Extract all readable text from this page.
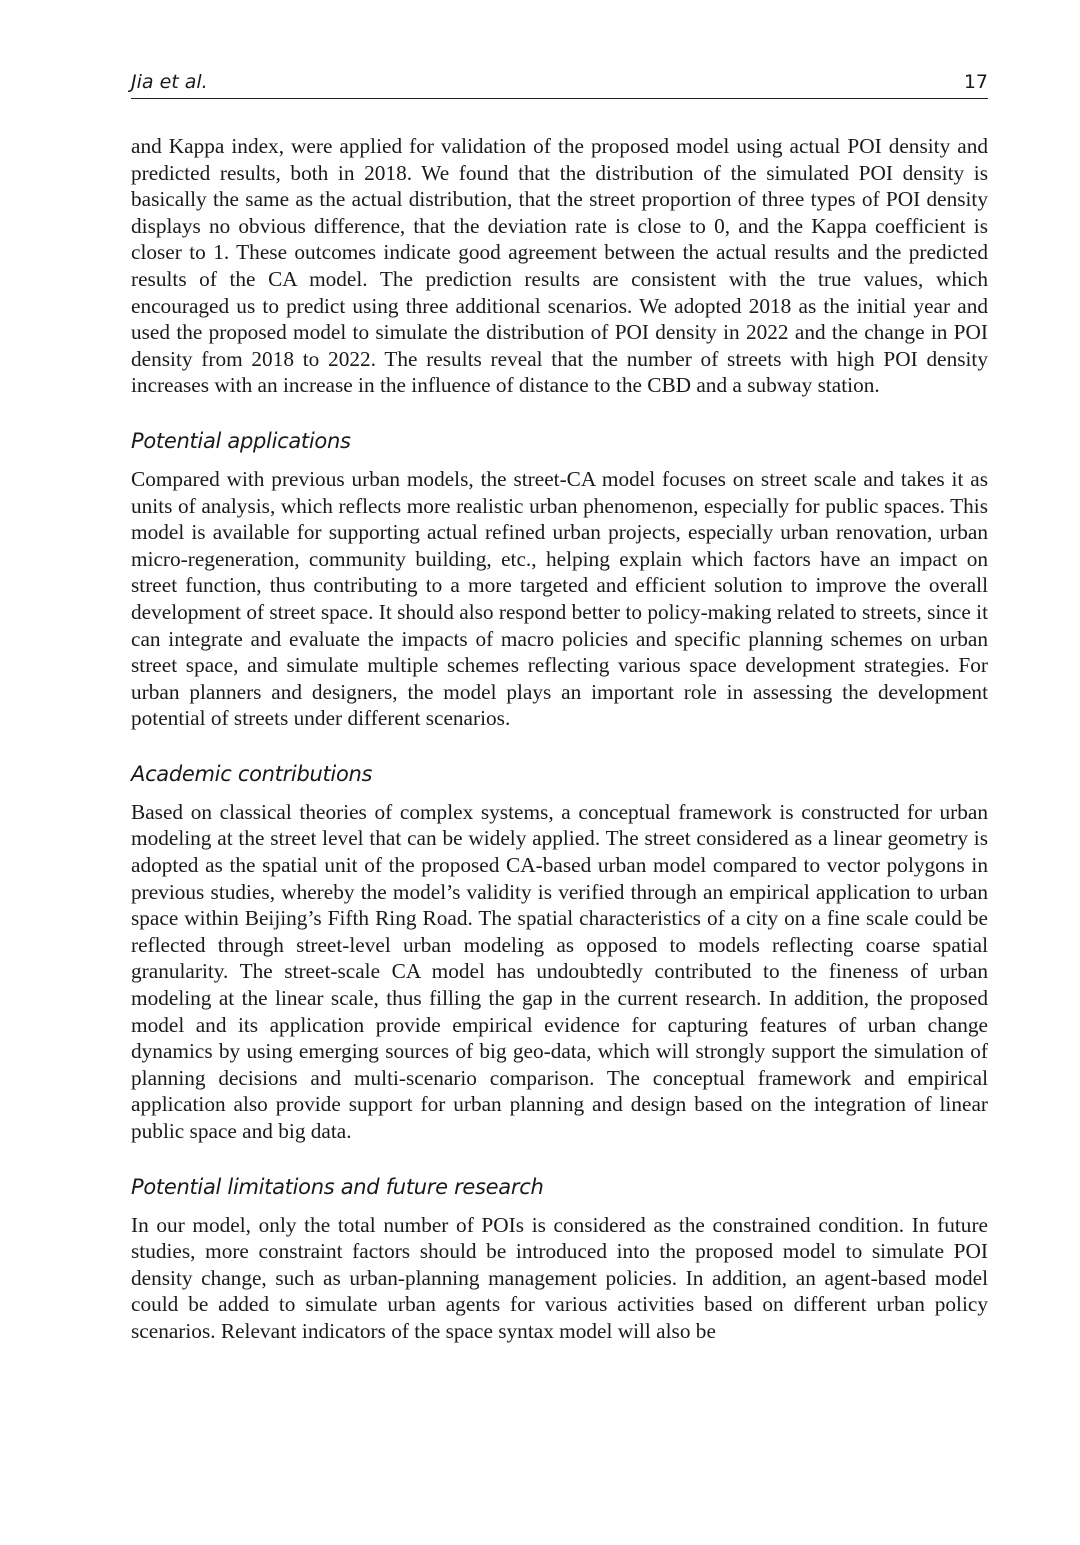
Jia et al.	17

and Kappa index, were applied for validation of the proposed model using actual POI density and predicted results, both in 2018. We found that the distribution of the simulated POI density is basically the same as the actual distribution, that the street proportion of three types of POI density displays no obvious difference, that the deviation rate is close to 0, and the Kappa coefficient is closer to 1. These outcomes indicate good agreement between the actual results and the predicted results of the CA model. The prediction results are consistent with the true values, which encouraged us to predict using three additional scenarios. We adopted 2018 as the initial year and used the proposed model to simulate the distribution of POI density in 2022 and the change in POI density from 2018 to 2022. The results reveal that the number of streets with high POI density increases with an increase in the influence of distance to the CBD and a subway station.

Potential applications

Compared with previous urban models, the street-CA model focuses on street scale and takes it as units of analysis, which reflects more realistic urban phenomenon, especially for public spaces. This model is available for supporting actual refined urban projects, especially urban renovation, urban micro-regeneration, community building, etc., helping explain which factors have an impact on street function, thus contributing to a more targeted and efficient solution to improve the overall development of street space. It should also respond better to policy-making related to streets, since it can integrate and evaluate the impacts of macro policies and specific planning schemes on urban street space, and simulate multiple schemes reflecting various space development strategies. For urban planners and designers, the model plays an important role in assessing the development potential of streets under different scenarios.

Academic contributions

Based on classical theories of complex systems, a conceptual framework is constructed for urban modeling at the street level that can be widely applied. The street considered as a linear geometry is adopted as the spatial unit of the proposed CA-based urban model compared to vector polygons in previous studies, whereby the model’s validity is verified through an empirical application to urban space within Beijing’s Fifth Ring Road. The spatial characteristics of a city on a fine scale could be reflected through street-level urban modeling as opposed to models reflecting coarse spatial granularity. The street-scale CA model has undoubtedly contributed to the fineness of urban modeling at the linear scale, thus filling the gap in the current research. In addition, the proposed model and its application provide empirical evidence for capturing features of urban change dynamics by using emerging sources of big geo-data, which will strongly support the simulation of planning decisions and multi-scenario comparison. The conceptual framework and empirical application also provide support for urban planning and design based on the integration of linear public space and big data.

Potential limitations and future research

In our model, only the total number of POIs is considered as the constrained condition. In future studies, more constraint factors should be introduced into the proposed model to simulate POI density change, such as urban-planning management policies. In addition, an agent-based model could be added to simulate urban agents for various activities based on different urban policy scenarios. Relevant indicators of the space syntax model will also be
